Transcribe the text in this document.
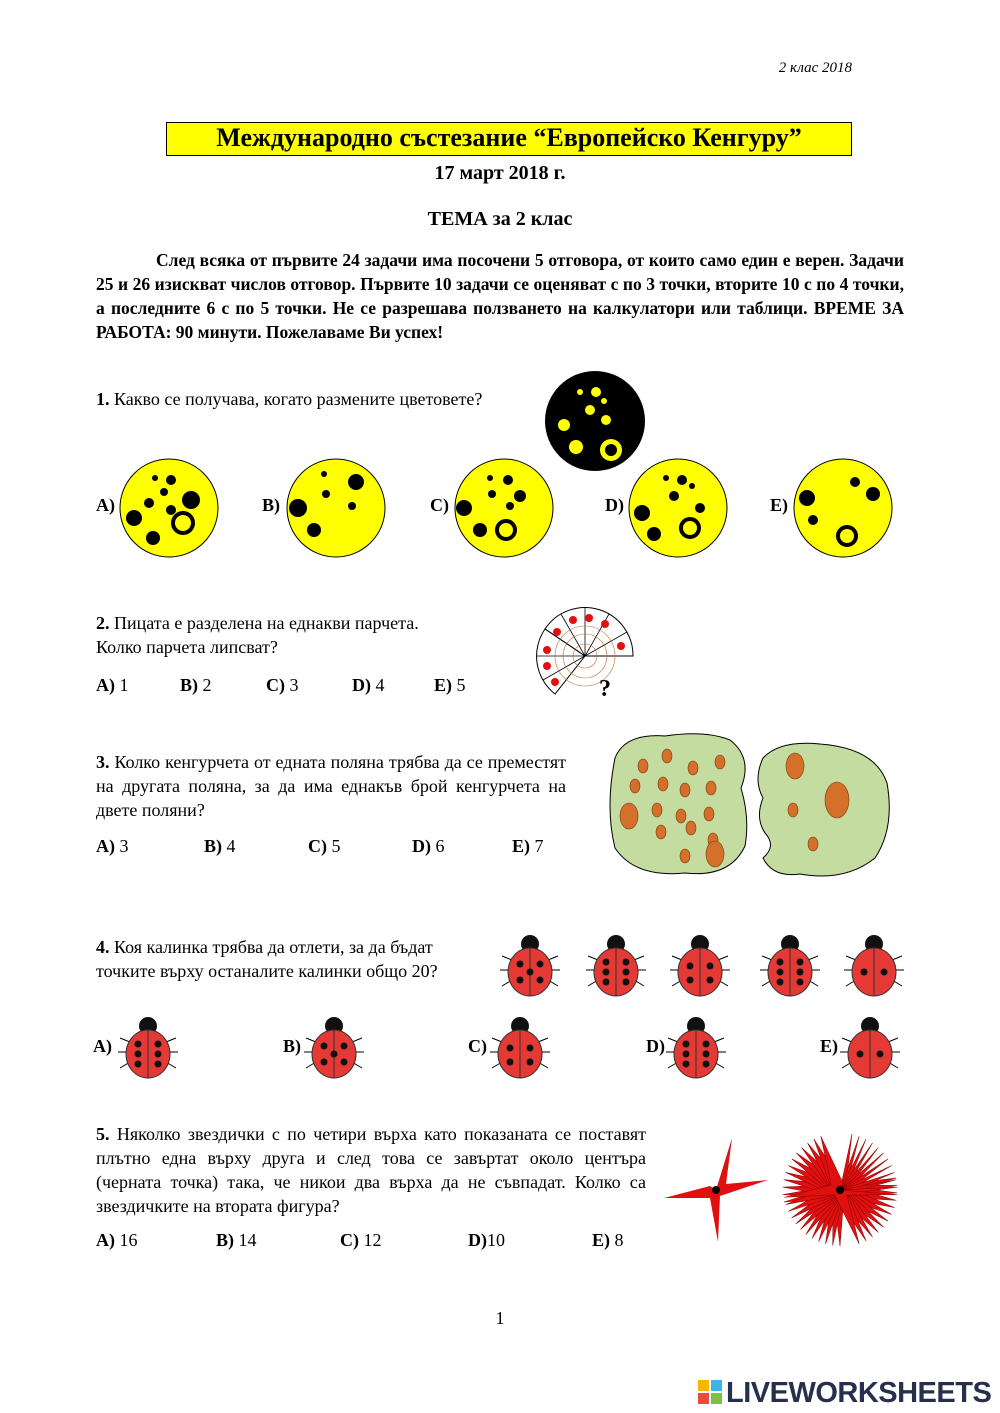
2 клас 2018
Международно състезание “Европейско Кенгуру”
17 март 2018 г.
ТЕМА за 2 клас
След всяка от първите 24 задачи има посочени 5 отговора, от които само един е верен. Задачи 25 и 26 изискват числов отговор. Първите 10 задачи се оценяват с по 3 точки, вторите 10 с по 4 точки, а последните 6 с по 5 точки. Не се разрешава ползването на калкулатори или таблици. ВРЕМЕ ЗА РАБОТА: 90 минути. Пожелаваме Ви успех!
1. Какво се получава, когато размените цветовете?
A)	B)	C)	D)	E)
2. Пицата е разделена на еднакви парчета.
Колко парчета липсват?
A) 1	B) 2	C) 3	D) 4	E) 5	?
3. Колко кенгурчета от едната поляна трябва да се преместят на другата поляна, за да има еднакъв брой кенгурчета на двете поляни?
A) 3	B) 4	C) 5	D) 6	E) 7
4. Коя калинка трябва да отлети, за да бъдат
точките върху останалите калинки общо 20?
A)	B)	C)	D)	E)
5. Няколко звездички с по четири върха като показаната се поставят плътно една върху друга и след това се завъртат около центъра (черната точка) така, че никои два върха да не съвпадат. Колко са звездичките на втората фигура?
A) 16	B) 14	C) 12	D)10	E) 8
1
LIVEWORKSHEETS
